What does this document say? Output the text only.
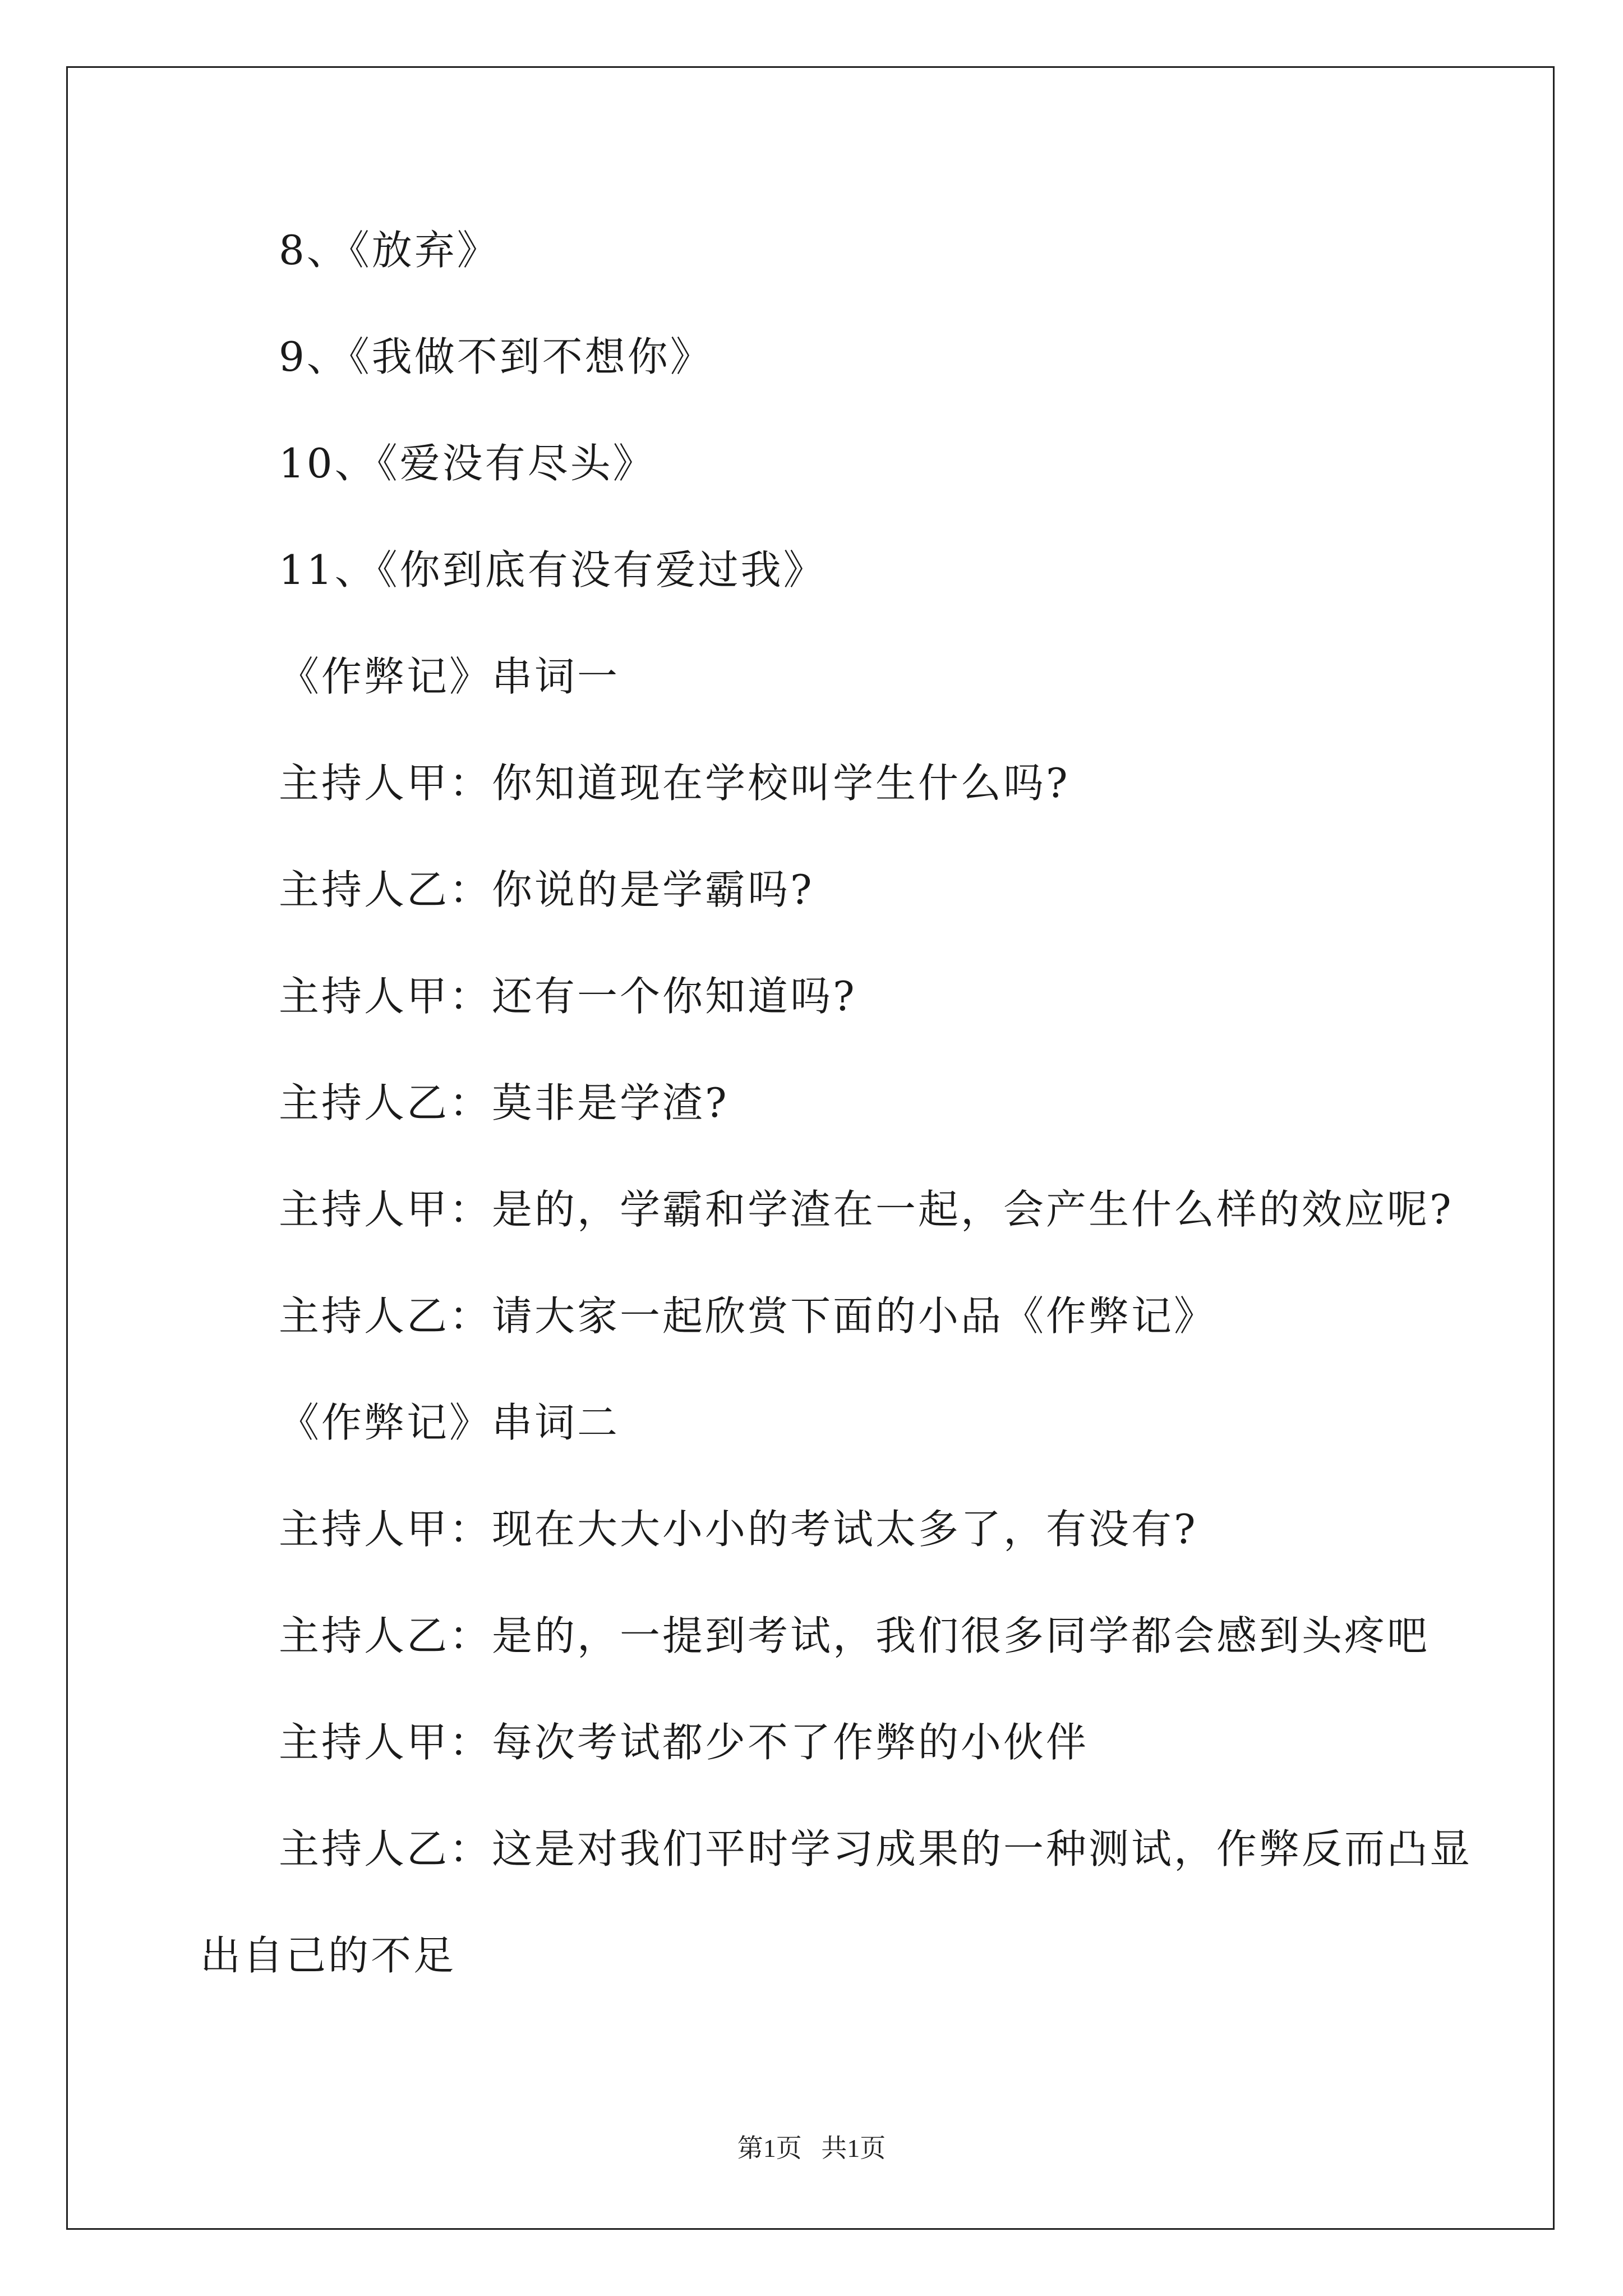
8、《放弃》
9、《我做不到不想你》
10、《爱没有尽头》
11、《你到底有没有爱过我》
《作弊记》串词一
主持人甲：你知道现在学校叫学生什么吗?
主持人乙：你说的是学霸吗?
主持人甲：还有一个你知道吗?
主持人乙：莫非是学渣?
主持人甲：是的，学霸和学渣在一起，会产生什么样的效应呢?
主持人乙：请大家一起欣赏下面的小品《作弊记》
《作弊记》串词二
主持人甲：现在大大小小的考试太多了，有没有?
主持人乙：是的，一提到考试，我们很多同学都会感到头疼吧
主持人甲：每次考试都少不了作弊的小伙伴
主持人乙：这是对我们平时学习成果的一种测试，作弊反而凸显
出自己的不足
第1页   共1页
